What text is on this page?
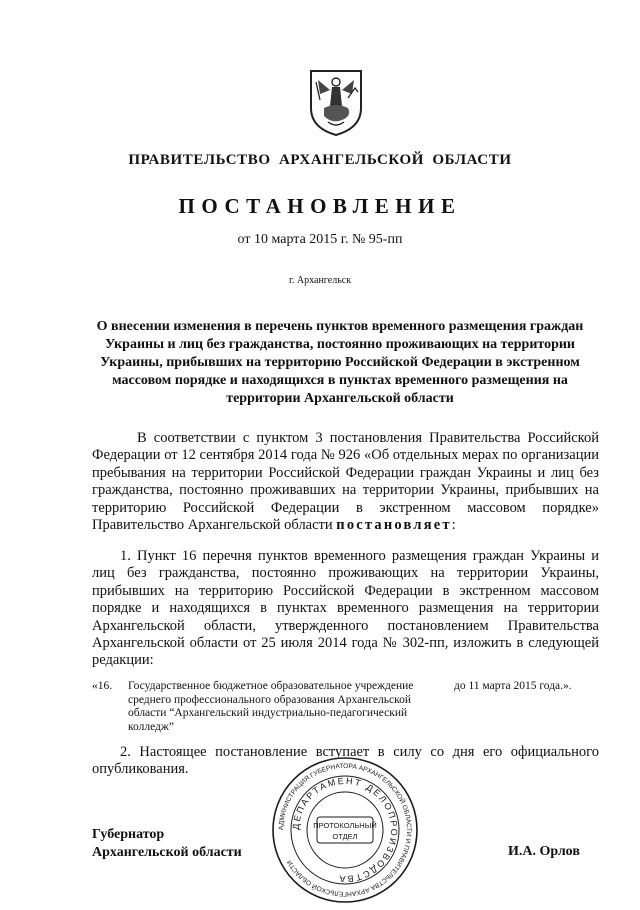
ПРАВИТЕЛЬСТВО АРХАНГЕЛЬСКОЙ ОБЛАСТИ
ПОСТАНОВЛЕНИЕ
от 10 марта 2015 г. № 95-пп
г. Архангельск
О внесении изменения в перечень пунктов временного размещения граждан Украины и лиц без гражданства, постоянно проживающих на территории Украины, прибывших на территорию Российской Федерации в экстренном массовом порядке и находящихся в пунктах временного размещения на территории Архангельской области
В соответствии с пунктом 3 постановления Правительства Российской Федерации от 12 сентября 2014 года № 926 «Об отдельных мерах по организации пребывания на территории Российской Федерации граждан Украины и лиц без гражданства, постоянно проживавших на территории Украины, прибывших на территорию Российской Федерации в экстренном массовом порядке» Правительство Архангельской области постановляет:
1. Пункт 16 перечня пунктов временного размещения граждан Украины и лиц без гражданства, постоянно проживающих на территории Украины, прибывших на территорию Российской Федерации в экстренном массовом порядке и находящихся в пунктах временного размещения на территории Архангельской области, утвержденного постановлением Правительства Архангельской области от 25 июля 2014 года № 302-пп, изложить в следующей редакции:
«16. Государственное бюджетное образовательное учреждение среднего профессионального образования Архангельской области “Архангельский индустриально-педагогический колледж”
до 11 марта 2015 года.».
2. Настоящее постановление вступает в силу со дня его официального опубликования.
Губернатор
Архангельской области	И.А. Орлов
АДМИНИСТРАЦИЯ ГУБЕРНАТОРА АРХАНГЕЛЬСКОЙ ОБЛАСТИ И ПРАВИТЕЛЬСТВА АРХАНГЕЛЬСКОЙ ОБЛАСТИ
ДЕПАРТАМЕНТ ДЕЛОПРОИЗВОДСТВА
ПРОТОКОЛЬНЫЙ
ОТДЕЛ
